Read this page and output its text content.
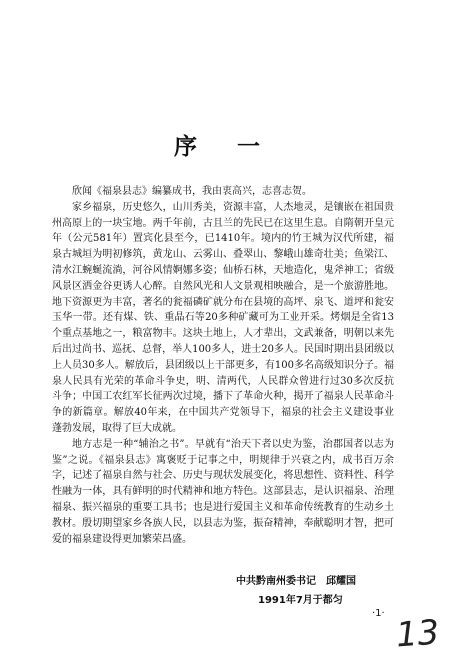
序 一

欣闻《福泉县志》编纂成书，我由衷高兴，志喜志贺。

家乡福泉，历史悠久，山川秀美，资源丰富，人杰地灵，是镶嵌在祖国贵州高原上的一块宝地。两千年前，古且兰的先民已在这里生息。自隋朝开皇元年（公元581年）置宾化县至今，已1410年。境内的竹王城为汉代所建，福泉古城垣为明初修筑，黄龙山、云雾山、叠翠山、黎峨山雄奇壮美；鱼梁江、清水江蜿蜒流淌，河谷风情婀娜多姿；仙桥石林，天地造化，鬼斧神工；省级风景区洒金谷更诱人心醉。自然风光和人文景观相映融合，是一个旅游胜地。地下资源更为丰富，著名的瓮福磷矿就分布在县境的高坪、泉飞、道坪和瓮安玉华一带。还有煤、铁、重晶石等20多种矿藏可为工业开采。烤烟是全省13个重点基地之一，粮富物丰。这块土地上，人才辈出，文武兼备，明朝以来先后出过尚书、巡抚、总督，举人100多人，进士20多人。民国时期出县团级以上人员30多人。解放后，县团级以上干部更多，有100多名高级知识分子。福泉人民具有光荣的革命斗争史，明、清两代，人民群众曾进行过30多次反抗斗争；中国工农红军长征两次过境，播下了革命火种，揭开了福泉人民革命斗争的新篇章。解放40年来，在中国共产党领导下，福泉的社会主义建设事业蓬勃发展，取得了巨大成就。

地方志是一种“辅治之书”。早就有“治天下者以史为鉴，治郡国者以志为鉴”之说。《福泉县志》寓褒贬于记事之中，明规律于兴衰之内，成书百万余字，记述了福泉自然与社会、历史与现状发展变化，将思想性、资料性、科学性融为一体，具有鲜明的时代精神和地方特色。这部县志，是认识福泉、治理福泉、振兴福泉的重要工具书；也是进行爱国主义和革命传统教育的生动乡土教材。殷切期望家乡各族人民，以县志为鉴，振奋精神，奉献聪明才智，把可爱的福泉建设得更加繁荣昌盛。

中共黔南州委书记　邱耀国
1991年7月于都匀
·1· 13
